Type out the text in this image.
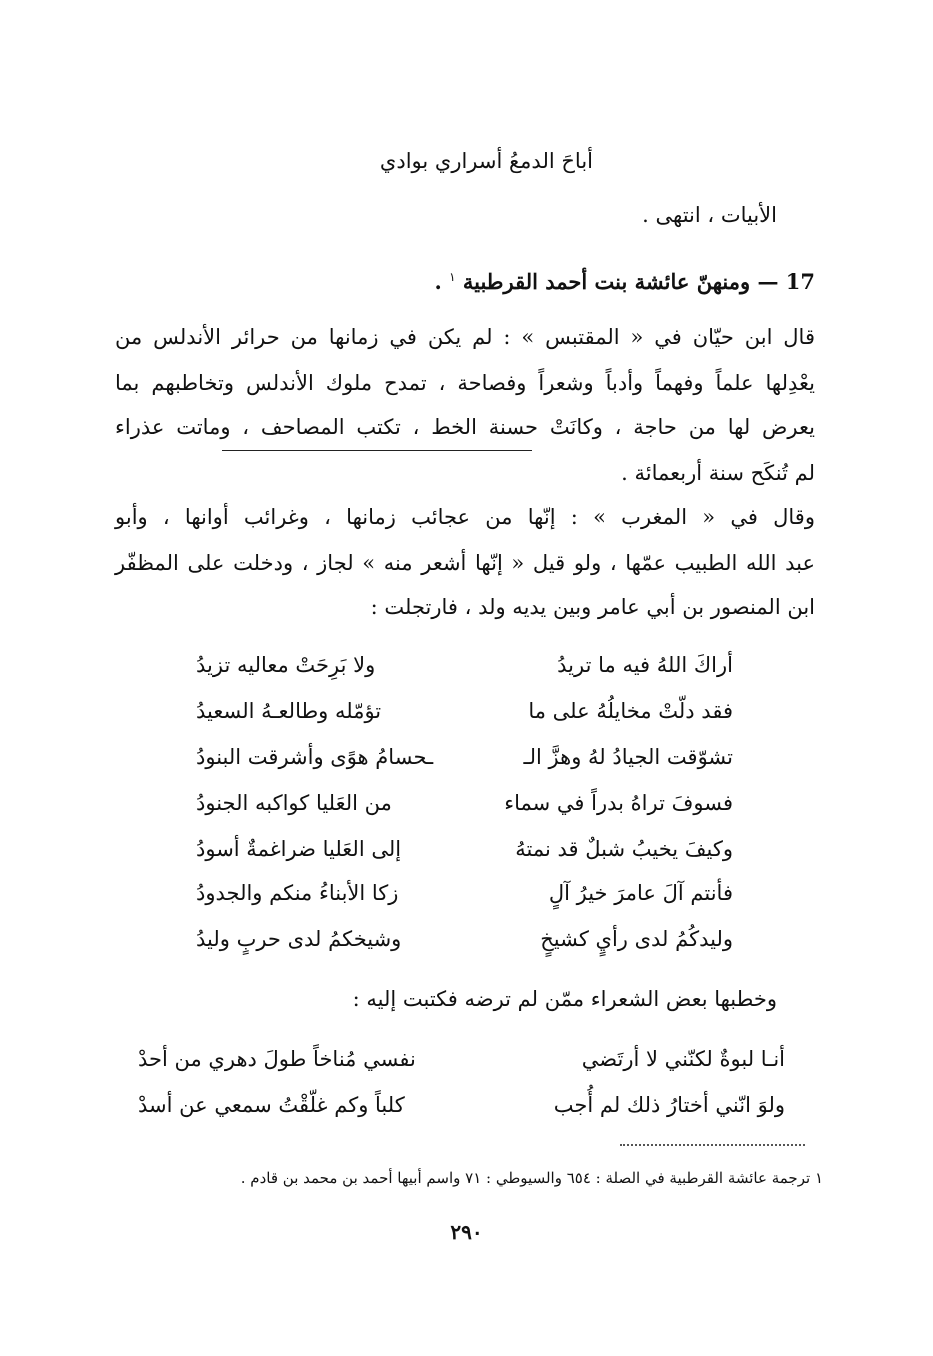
أباحَ الدمعُ أسراري بوادي
الأبيات ، انتهى .
17 — ومنهنّ عائشة بنت أحمد القرطبية $^١$ .
قال ابن حيّان في « المقتبس » : لم يكن في زمانها من حرائر الأندلس من
يعْدِلها علماً وفهماً وأدباً وشعراً وفصاحة ، تمدح ملوك الأندلس وتخاطبهم بما
يعرض لها من حاجة ، وكانَتْ حسنة الخط ، تكتب المصاحف ، وماتت عذراء
لم تُنكَح سنة أربعمائة .
وقال في « المغرب » : إنّها من عجائب زمانها ، وغرائب أوانها ، وأبو
عبد الله الطبيب عمّها ، ولو قيل « إنّها أشعر منه » لجاز ، ودخلت على المظفّر
ابن المنصور بن أبي عامر وبين يديه ولد ، فارتجلت :
أراكَ اللهُ فيه ما تريدُ
ولا بَرِحَتْ معاليه تزيدُ
فقد دلّتْ مخايلُهُ على ما
تؤمّله وطالعـهُ السعيدُ
تشوّقت الجيادُ لهُ وهزَّ الـ
ـحسامُ هوًى وأشرقت البنودُ
فسوفَ تراهُ بدراً في سماء
من العَليا كواكبه الجنودُ
وكيفَ يخيبُ شبلٌ قد نمتهُ
إلى العَليا ضراغمةٌ أسودُ
فأنتم آلَ عامرَ خيرُ آلٍ
زكا الأبناءُ منكم والجدودُ
وليدكُمُ لدى رأيٍ كشيخٍ
وشيخكمُ لدى حربٍ وليدُ
وخطبها بعض الشعراء ممّن لم ترضه فكتبت إليه :
أنـا لبوةٌ لكنّني لا أرتَضي
نفسي مُناخاً طولَ دهري من أحدْ
ولوَ انّني أختارُ ذلك لم أُجب
كلباً وكم غلّقْتُ سمعي عن أسدْ
١ ترجمة عائشة القرطبية في الصلة : ٦٥٤ والسيوطي : ٧١ واسم أبيها أحمد بن محمد بن قادم .
٢٩٠
